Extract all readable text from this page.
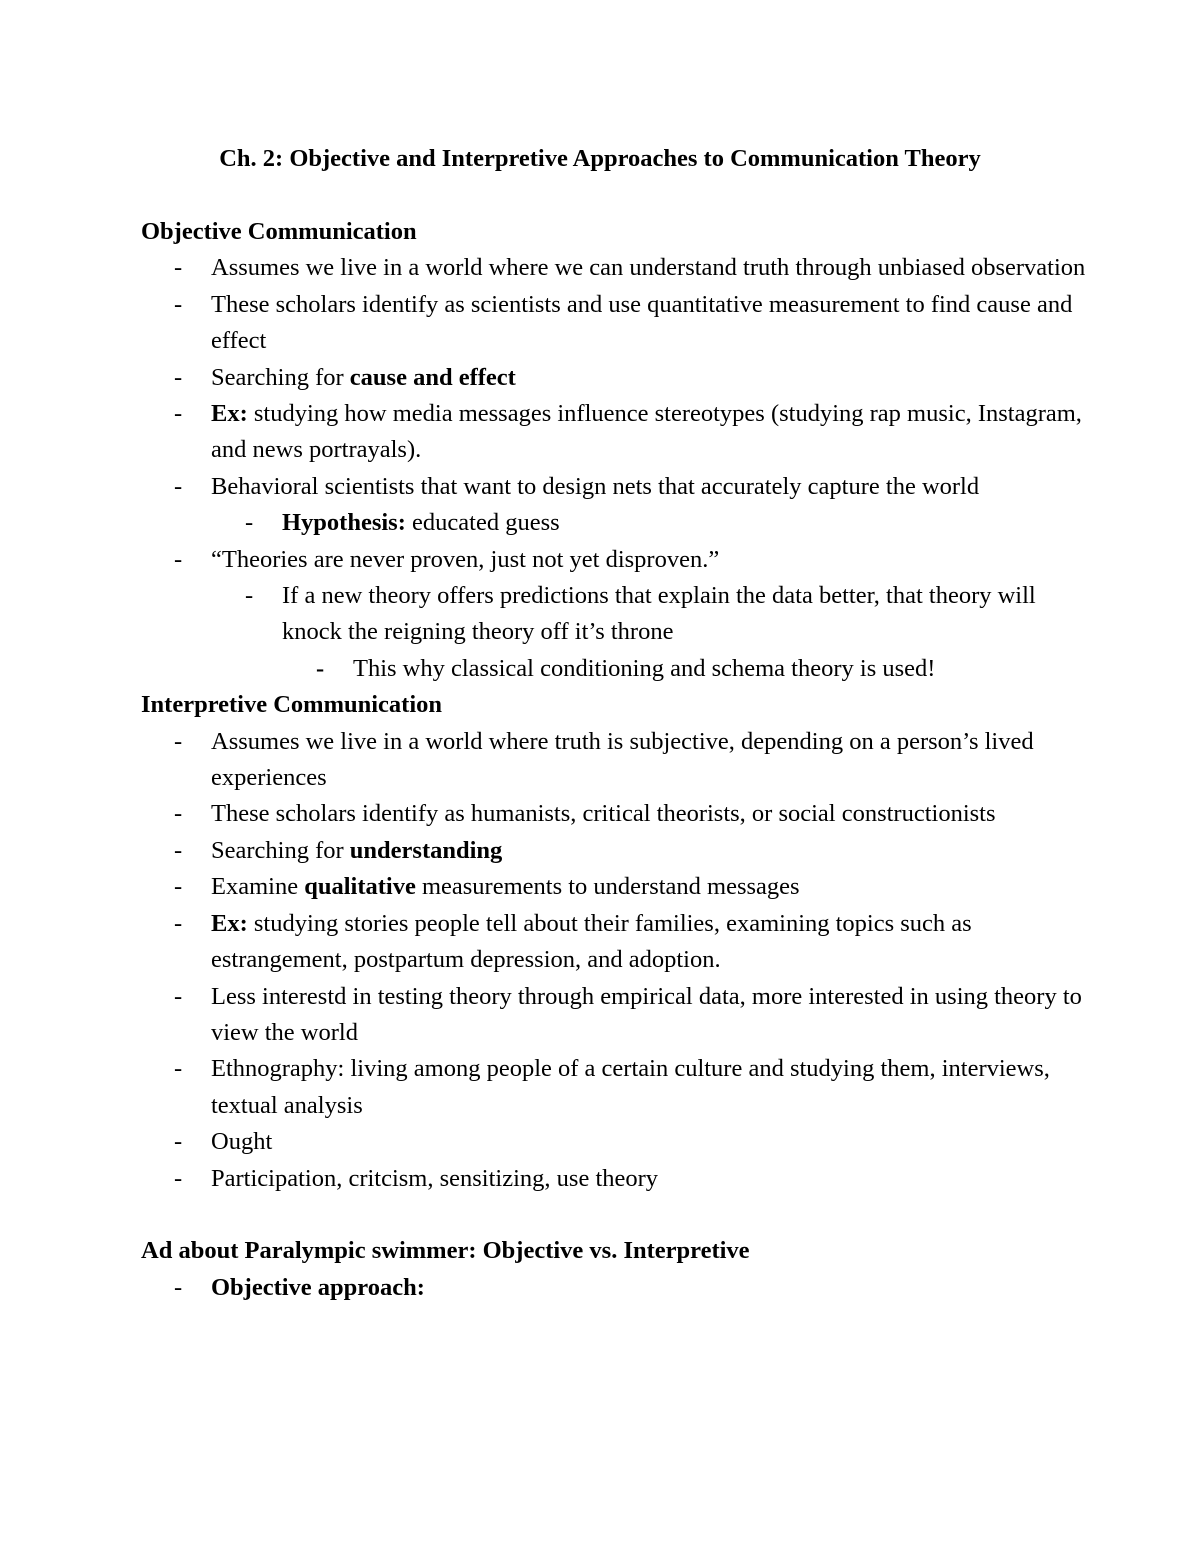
Ch. 2: Objective and Interpretive Approaches to Communication Theory

Objective Communication

- Assumes we live in a world where we can understand truth through unbiased observation
- These scholars identify as scientists and use quantitative measurement to find cause and effect
- Searching for cause and effect
- Ex: studying how media messages influence stereotypes (studying rap music, Instagram, and news portrayals).
- Behavioral scientists that want to design nets that accurately capture the world
- Hypothesis: educated guess
- “Theories are never proven, just not yet disproven.”
- If a new theory offers predictions that explain the data better, that theory will knock the reigning theory off it’s throne
- This why classical conditioning and schema theory is used!

Interpretive Communication

- Assumes we live in a world where truth is subjective, depending on a person’s lived experiences
- These scholars identify as humanists, critical theorists, or social constructionists
- Searching for understanding
- Examine qualitative measurements to understand messages
- Ex: studying stories people tell about their families, examining topics such as estrangement, postpartum depression, and adoption.
- Less interestd in testing theory through empirical data, more interested in using theory to view the world
- Ethnography: living among people of a certain culture and studying them, interviews, textual analysis
- Ought
- Participation, critcism, sensitizing, use theory

Ad about Paralympic swimmer: Objective vs. Interpretive

- Objective approach:
